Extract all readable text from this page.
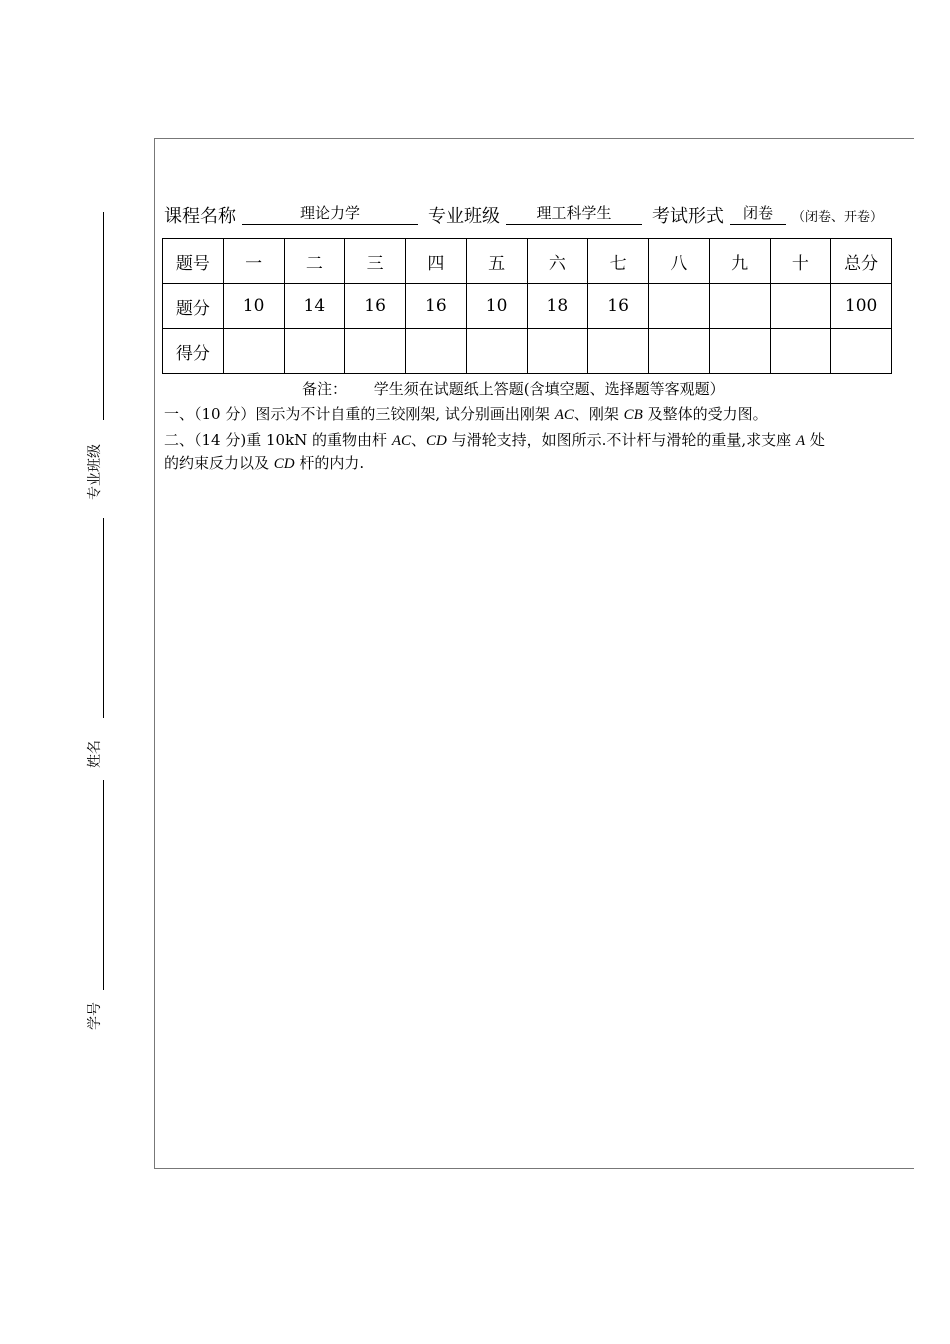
专业班级
姓名
学号
课程名称	理论力学	专业班级	理工科学生	考试形式	闭卷	（闭卷、开卷）
题号	一	二	三	四	五	六	七	八	九	十	总分
题分	10	14	16	16	10	18	16				100
得分											
备注： 学生须在试题纸上答题(含填空题、选择题等客观题）
一、（10 分）图示为不计自重的三铰刚架, 试分别画出刚架 AC、刚架 CB 及整体的受力图。
二、（14 分)重 10kN 的重物由杆 AC、CD 与滑轮支持，如图所示.不计杆与滑轮的重量,求支座 A 处
的约束反力以及 CD 杆的内力.
